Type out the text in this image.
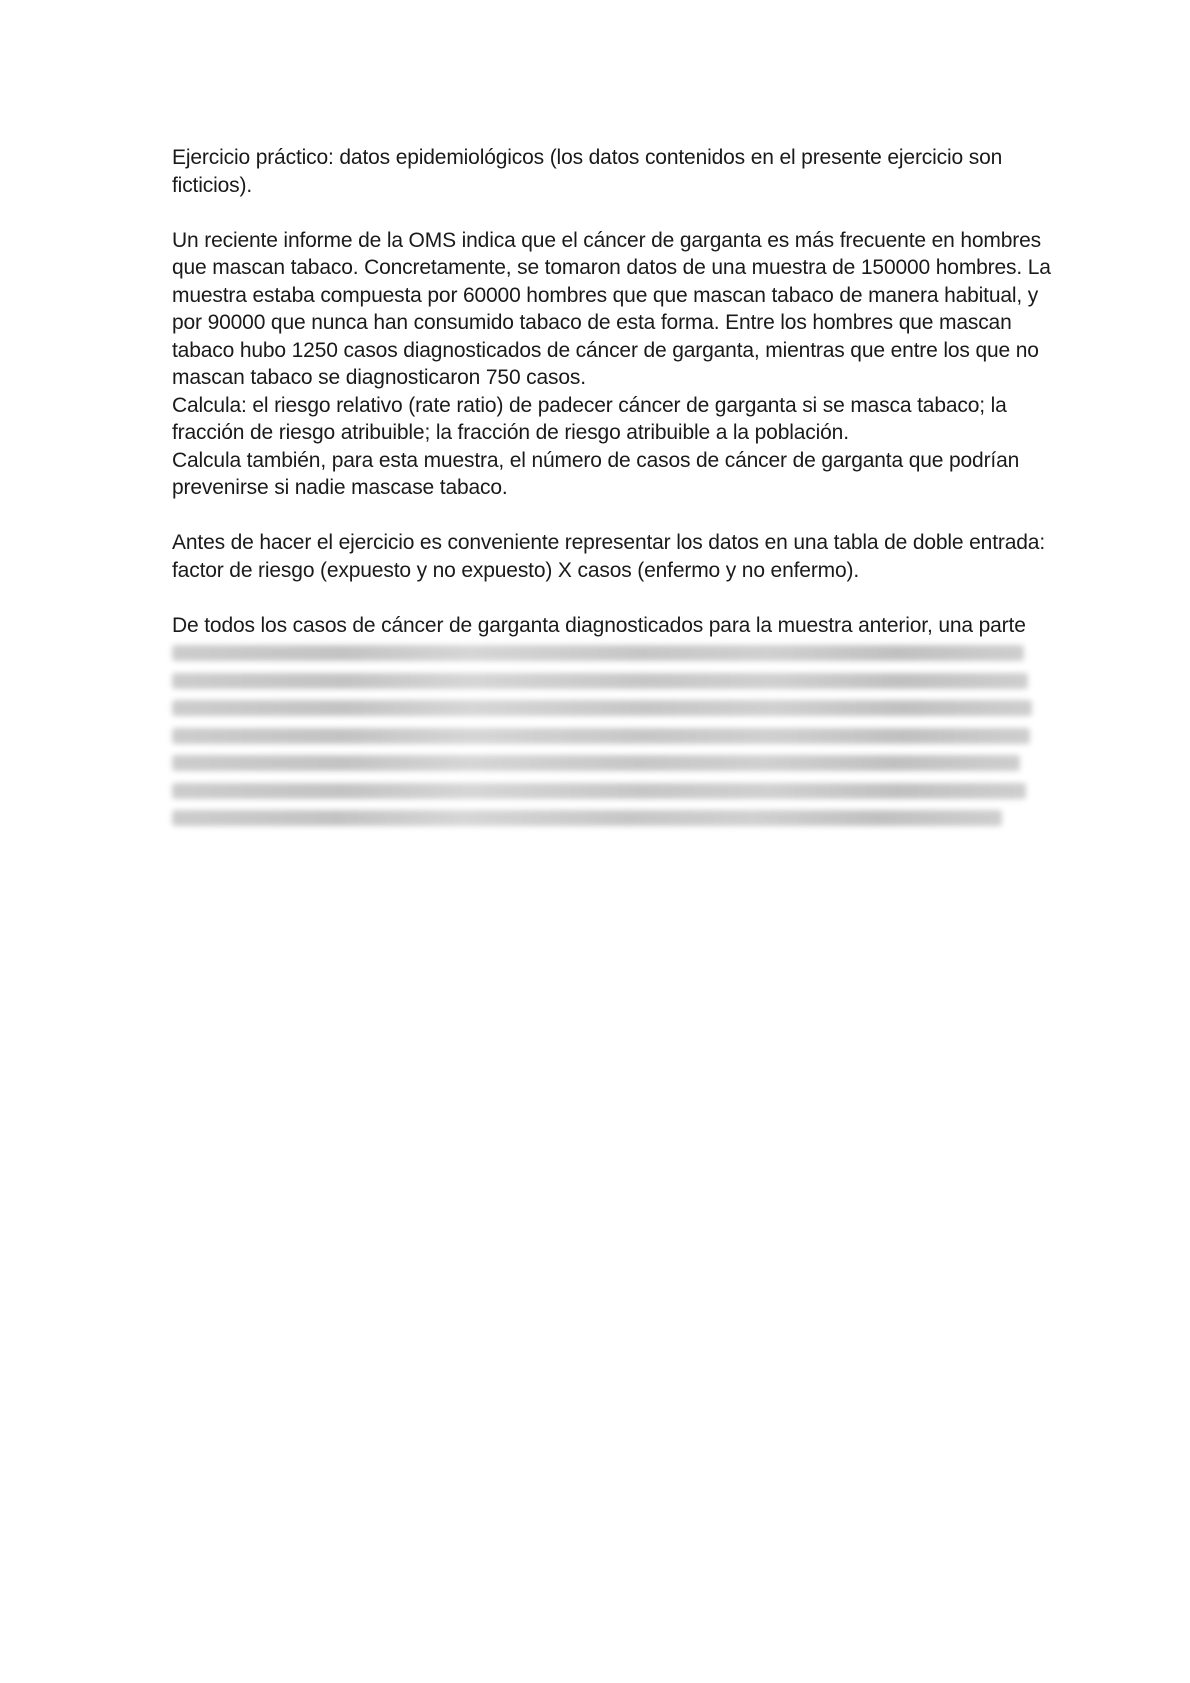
Ejercicio práctico: datos epidemiológicos (los datos contenidos en el presente ejercicio son
ficticios).
Un reciente informe de la OMS indica que el cáncer de garganta es más frecuente en hombres
que mascan tabaco. Concretamente, se tomaron datos de una muestra de 150000 hombres. La
muestra estaba compuesta por 60000 hombres que que mascan tabaco de manera habitual, y
por 90000 que nunca han consumido tabaco de esta forma. Entre los hombres que mascan
tabaco hubo 1250 casos diagnosticados de cáncer de garganta, mientras que entre los que no
mascan tabaco se diagnosticaron 750 casos.
Calcula: el riesgo relativo (rate ratio) de padecer cáncer de garganta si se masca tabaco; la
fracción de riesgo atribuible; la fracción de riesgo atribuible a la población.
Calcula también, para esta muestra, el número de casos de cáncer de garganta que podrían
prevenirse si nadie mascase tabaco.
Antes de hacer el ejercicio es conveniente representar los datos en una tabla de doble entrada:
factor de riesgo (expuesto y no expuesto) X casos (enfermo y no enfermo).
De todos los casos de cáncer de garganta diagnosticados para la muestra anterior, una parte
